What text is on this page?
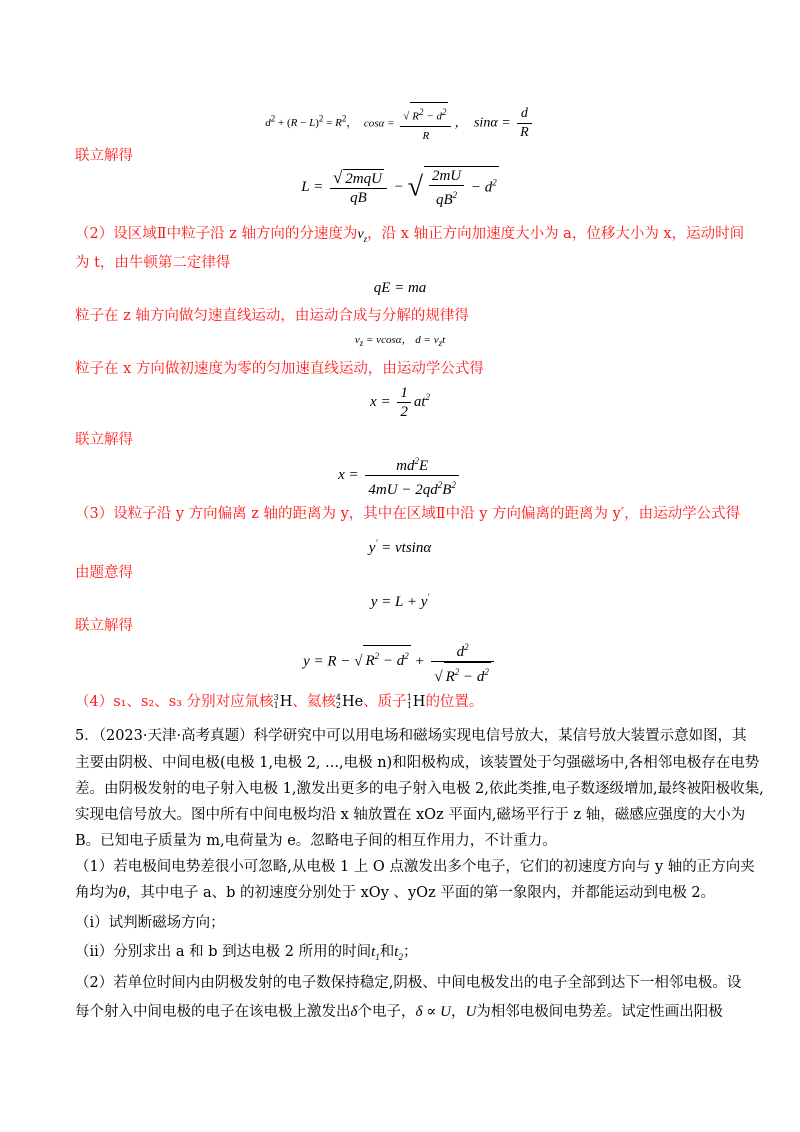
$d^2 + (R - L)^2 = R^2$， $\cos\alpha = \frac{√ R^2 - d^2}{R}$ ，  $\sin\alpha = \frac{d}{R}$
联立解得
$L = \frac{\text{√ 2mqU}}{qB}$ − √ $\frac{2mU}{qB^2} - d^2$
（2）设区域Ⅱ中粒子沿 z 轴方向的分速度为$v_z$，沿 x 轴正方向加速度大小为 a，位移大小为 x，运动时间
为 t，由牛顿第二定律得
qE = ma
粒子在 z 轴方向做匀速直线运动，由运动合成与分解的规律得
$v_z = vcos\alpha$， $d = v_zt$
粒子在 x 方向做初速度为零的匀加速直线运动，由运动学公式得
$x = \frac{1}{2} at^2$
联立解得
$x = \frac{md^2E}{4mU - 2qd^2B^2}$
（3）设粒子沿 y 方向偏离 z 轴的距离为 y，其中在区域Ⅱ中沿 y 方向偏离的距离为 y′，由运动学公式得
y' = vtsinα
由题意得
y = L + y'
联立解得
y = R − √ $R^2 - d^2 + \frac{d^2}{√ R^2 - d^2}$
（4）s₁、s₂、s₃ 分别对应氚核3
1H、氦核4
2He、质子1
1H的位置。
5．（2023·天津·高考真题）科学研究中可以用电场和磁场实现电信号放大，某信号放大装置示意如图，其
主要由阴极、中间电极(电极 1,电极 2, ...,电极 n)和阳极构成，该装置处于匀强磁场中,各相邻电极存在电势
差。由阴极发射的电子射入电极 1,激发出更多的电子射入电极 2,依此类推,电子数逐级增加,最终被阳极收集,
实现电信号放大。图中所有中间电极均沿 x 轴放置在 xOz 平面内,磁场平行于 z 轴，磁感应强度的大小为
B。已知电子质量为 m,电荷量为 e。忽略电子间的相互作用力，不计重力。
（1）若电极间电势差很小可忽略,从电极 1 上 O 点激发出多个电子，它们的初速度方向与 y 轴的正方向夹
角均为θ，其中电子 a、b 的初速度分别处于 xOy 、yOz 平面的第一象限内，并都能运动到电极 2。
（i）试判断磁场方向；
（ii）分别求出 a 和 b 到达电极 2 所用的时间$t_1$和$t_2$；
（2）若单位时间内由阴极发射的电子数保持稳定,阴极、中间电极发出的电子全部到达下一相邻电极。设
每个射入中间电极的电子在该电极上激发出δ个电子，δ ∝ U，U为相邻电极间电势差。试定性画出阳极
